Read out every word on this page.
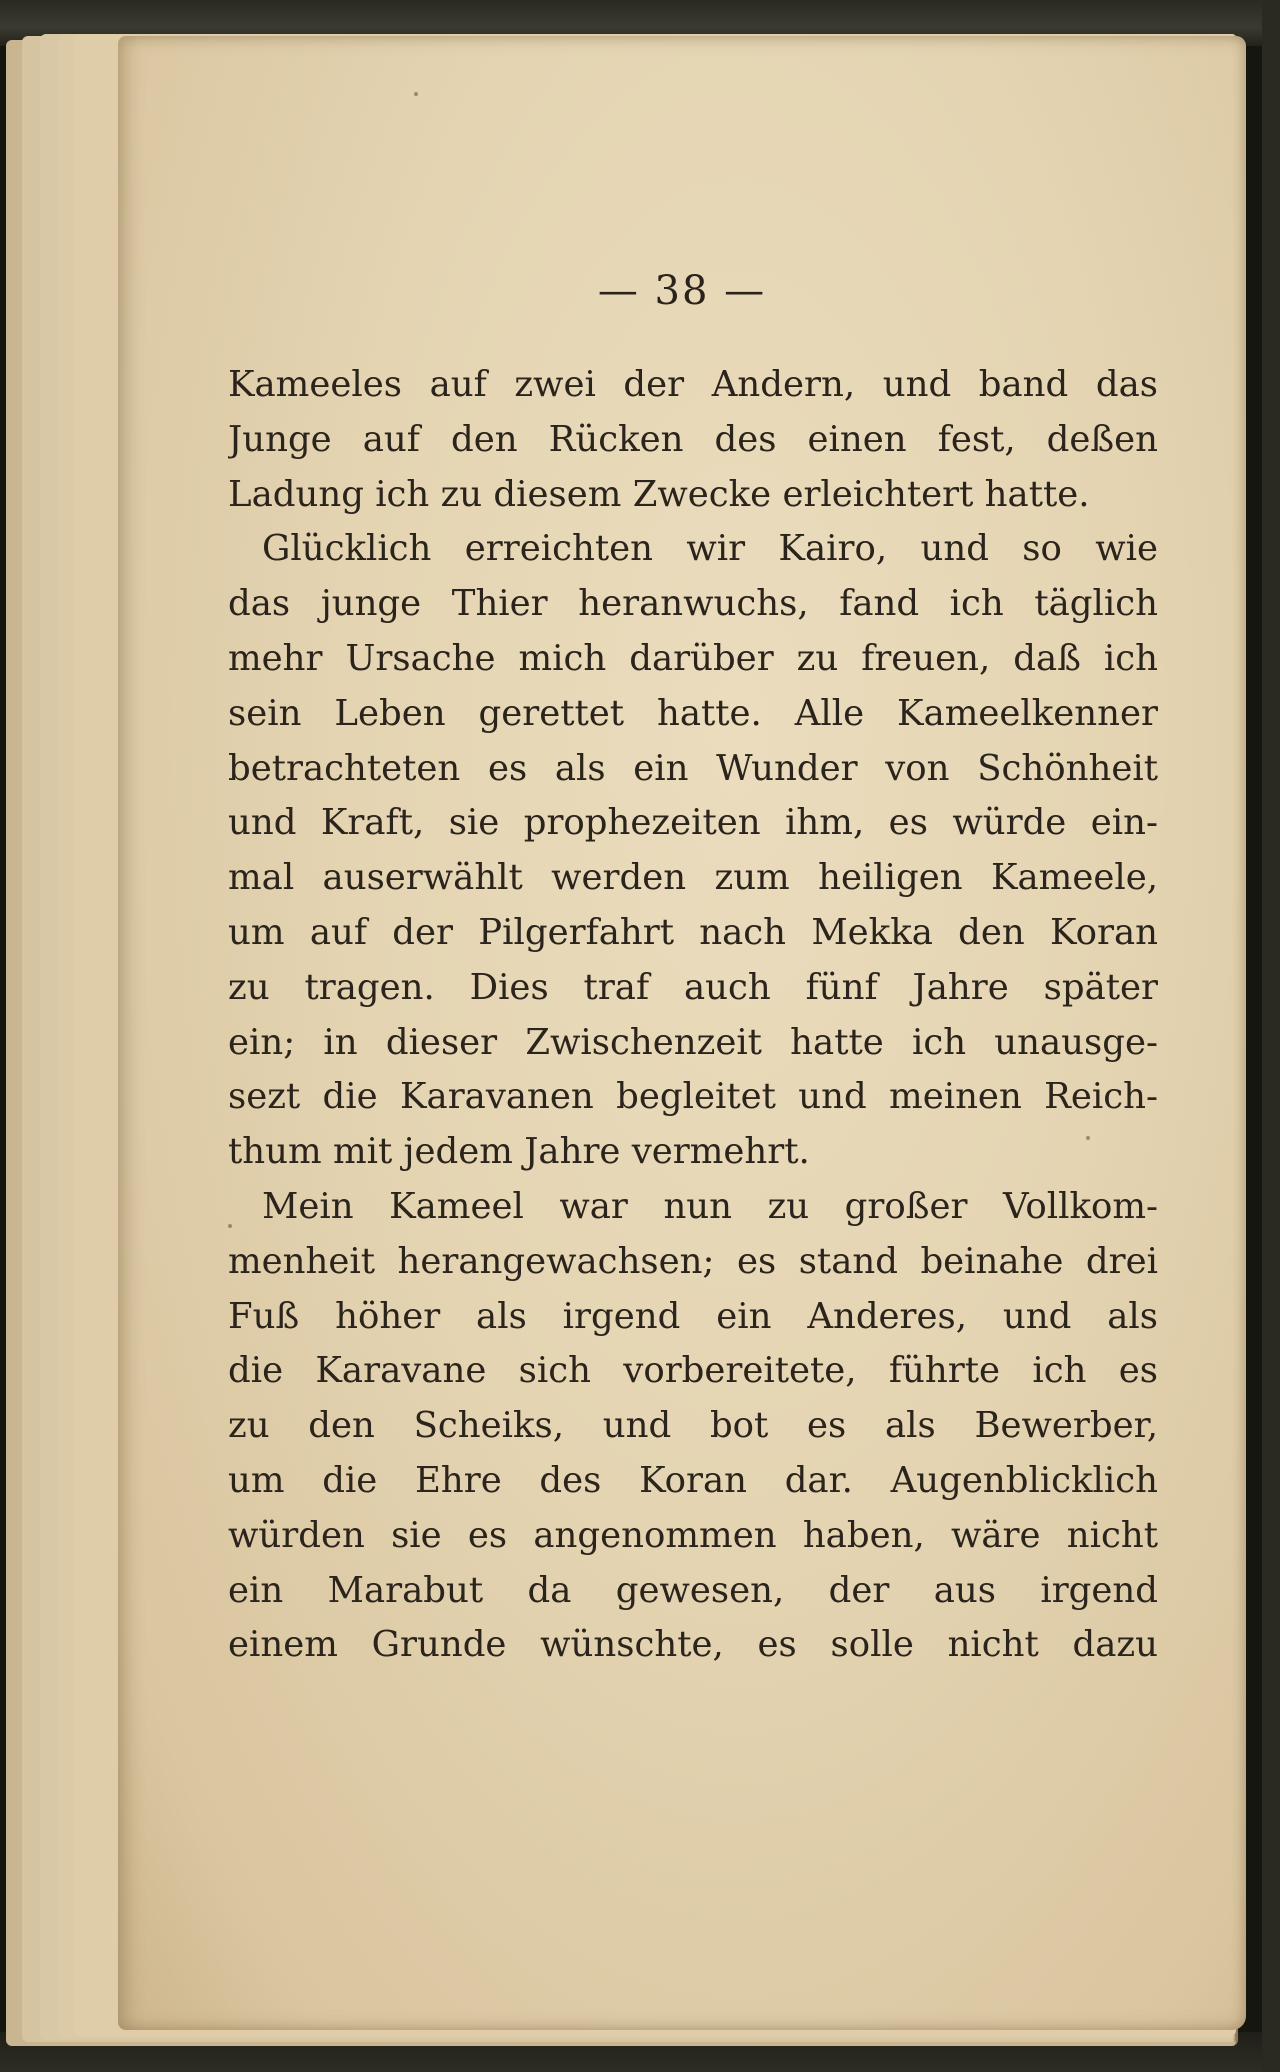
— 38 —
Kameeles auf zwei der Andern, und band das
Junge auf den Rücken des einen fest, deßen
Ladung ich zu diesem Zwecke erleichtert hatte.
Glücklich erreichten wir Kairo, und so wie
das junge Thier heranwuchs, fand ich täglich
mehr Ursache mich darüber zu freuen, daß ich
sein Leben gerettet hatte. Alle Kameelkenner
betrachteten es als ein Wunder von Schönheit
und Kraft, sie prophezeiten ihm, es würde ein-
mal auserwählt werden zum heiligen Kameele,
um auf der Pilgerfahrt nach Mekka den Koran
zu tragen. Dies traf auch fünf Jahre später
ein; in dieser Zwischenzeit hatte ich unausge-
sezt die Karavanen begleitet und meinen Reich-
thum mit jedem Jahre vermehrt.
Mein Kameel war nun zu großer Vollkom-
menheit herangewachsen; es stand beinahe drei
Fuß höher als irgend ein Anderes, und als
die Karavane sich vorbereitete, führte ich es
zu den Scheiks, und bot es als Bewerber,
um die Ehre des Koran dar. Augenblicklich
würden sie es angenommen haben, wäre nicht
ein Marabut da gewesen, der aus irgend
einem Grunde wünschte, es solle nicht dazu
